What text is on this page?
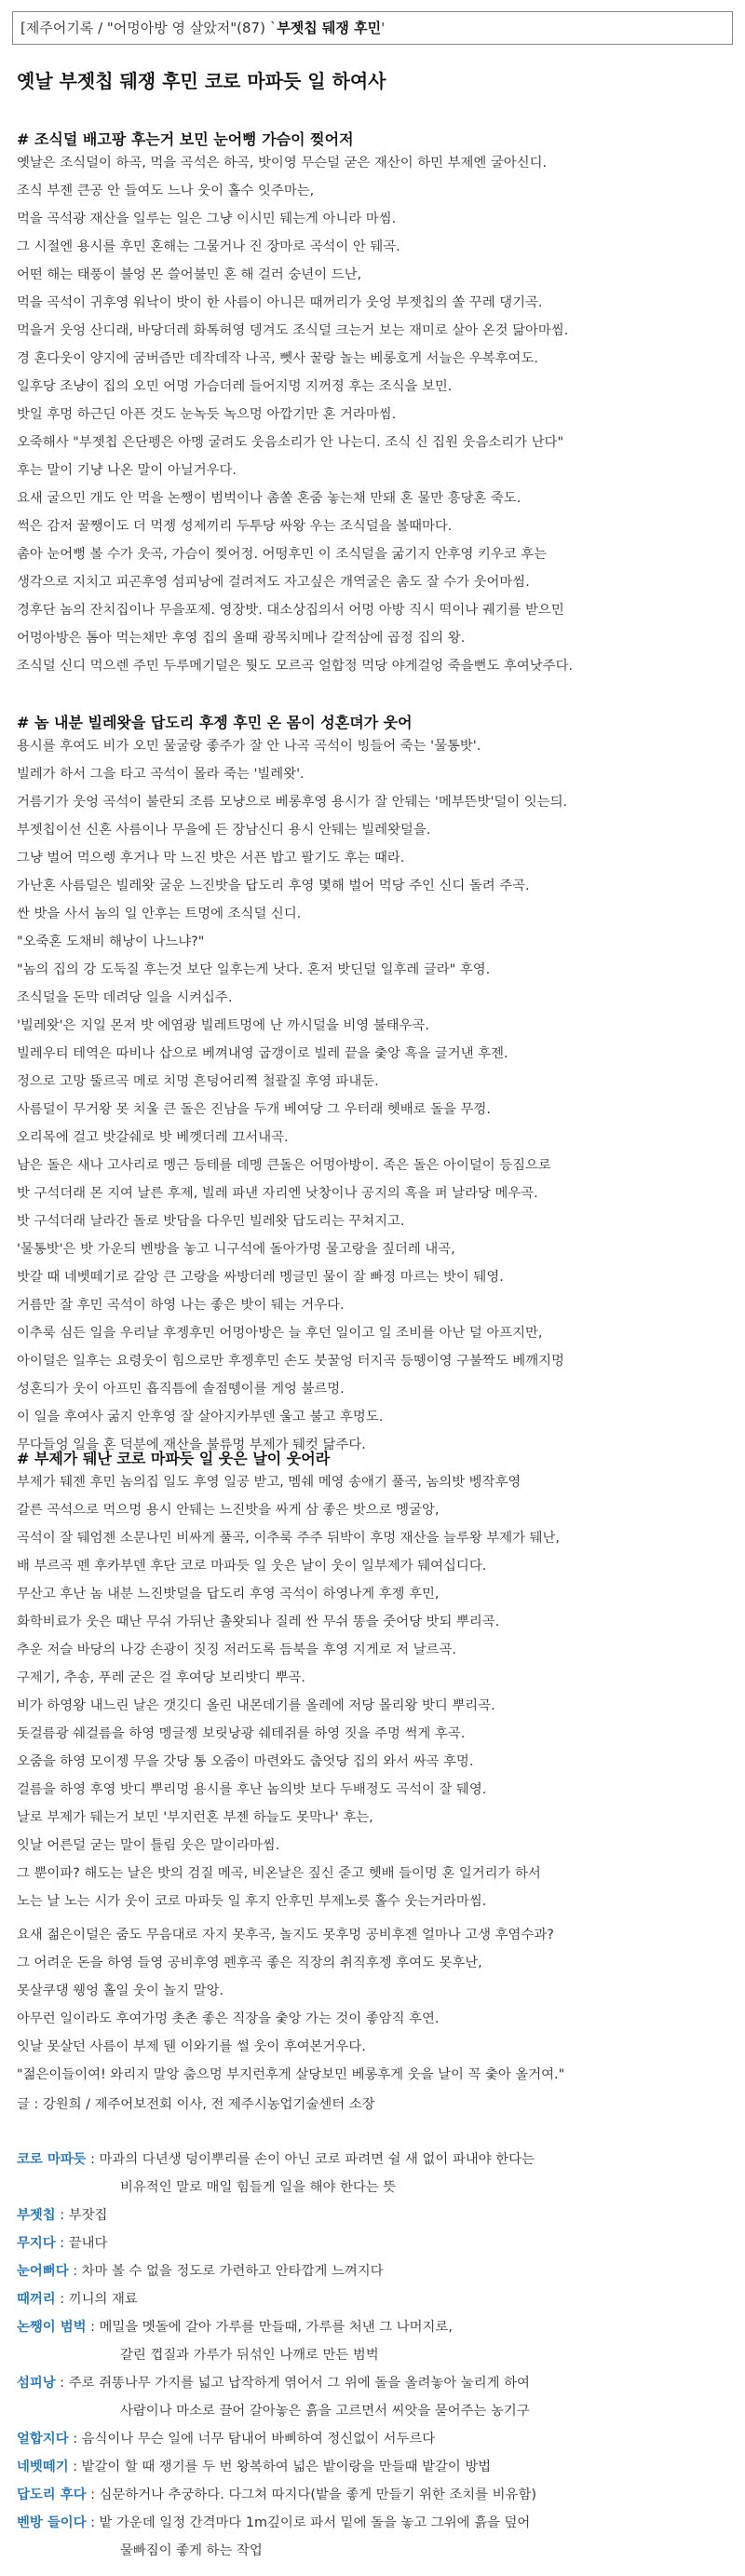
[제주어기록 / "어멍아방 영 살았저"(87) `부젯칩 뒈쟁 후민'
옛날 부젯칩 뒈쟁 후민 코로 마파듯 일 하여사
# 조식덜 배고팡 후는거 보민 눈어뻥 가슴이 찢어저
옛날은 조식덜이 하곡, 먹을 곡석은 하곡, 밧이영 무슨덜 굳은 재산이 하민 부제엔 굴아신디.
조식 부젠 큰공 안 들여도 느나 웃이 홀수 잇주마는,
먹을 곡석광 재산을 일루는 일은 그냥 이시민 뒈는게 아니라 마씸.
그 시절엔 용시를 후민 혼해는 그물거나 진 장마로 곡석이 안 뒈곡.
어떤 해는 태풍이 불엉 몬 쓸어불민 혼 해 걸러 숭년이 드난,
먹을 곡석이 귀후영 워낙이 밧이 한 사름이 아니믄 때꺼리가 웃엉 부젯칩의 쏠 꾸레 댕기곡.
먹을거 웃엉 산디래, 바당더레 화톡허영 뎅겨도 조식덜 크는거 보는 재미로 살아 온것 닮아마씸.
경 혼다웃이 양지에 굼버즘만 데작데작 나곡, 뻿사 꿀랑 놀는 베롱호게 서늘은 우복후여도.
일후당 조냥이 집의 오민 어멍 가슴더레 들어지멍 지꺼졍 후는 조식을 보민.
밧일 후멍 하근딘 아픈 것도 눈녹듯 녹으멍 아깝기만 혼 거라마씸.
오죽해사 "부젯칩 은단펭은 아멩 굴려도 웃음소리가 안 나는디. 조식 신 집원 웃음소리가 난다"
후는 말이 기냥 나온 말이 아닐거우다.
요새 굴으민 개도 안 먹을 논쨍이 범벅이나 촘쏠 혼줌 놓는채 만돼 혼 물만 흥당혼 죽도.
썩은 감저 꿀쨍이도 더 먹젱 성제끼리 두투당 싸왕 우는 조식덜을 볼때마다.
촘아 눈어뻥 볼 수가 웃곡, 가슴이 찢어정. 어떵후민 이 조식덜을 굶기지 안후영 키우코 후는
생각으로 지치고 피곤후영 섬피낭에 걸려져도 자고싶은 개역굴은 촘도 잘 수가 웃어마씸.
경후단 놈의 잔치집이나 무을포제. 영장밧. 대소상집의서 어멍 아방 직시 떡이나 궤기를 받으민
어멍아방은 톰아 먹는채만 후영 집의 올때 광목치메나 갈적삼에 곱정 집의 왕.
조식덜 신디 먹으렌 주민 두루메기덜은 뭣도 모르곡 얼합정 먹당 야게걸엉 죽을뻔도 후여낫주다.
# 놈 내분 빌레왓을 답도리 후젱 후민 온 몸이 성혼뎌가 웃어
용시를 후여도 비가 오민 물굴랑 좋주가 잘 안 나곡 곡석이 빙들어 죽는 '물통밧'.
빌레가 하서 그을 타고 곡석이 몰라 죽는 '빌레왓'.
거름기가 웃엉 곡석이 불란되 조름 모냥으로 베롱후영 용시가 잘 안뒈는 '메부뜬밧'덜이 잇는듸.
부젯칩이선 신혼 사름이나 무을에 든 장남신디 용시 안뒈는 빌레왓덜을.
그냥 벌어 먹으렝 후거나 막 느진 밧은 서픈 밥고 팔기도 후는 때라.
가난혼 사름덜은 빌레왓 굴운 느진밧을 답도리 후영 몇해 벌어 먹당 주인 신디 돌려 주곡.
싼 밧을 사서 놈의 일 안후는 트멍에 조식덜 신디.
"오죽혼 도채비 해낭이 나느냐?"
"놈의 집의 강 도둑질 후는것 보단 일후는게 낫다. 혼저 밧딘덜 일후레 글라" 후영.
조식덜을 돈막 데려당 일을 시켜십주.
'빌레왓'은 지일 몬저 밧 에염광 빌레트멍에 난 까시덜을 비영 불태우곡.
빌레우티 테역은 따비나 삽으로 베껴내영 굽갱이로 빌레 끝을 춫앙 흑을 글거낸 후젠.
정으로 고망 뚤르곡 메로 치멍 흔덩어리쪅 철괄질 후영 파내둔.
사름덜이 무거왕 못 치울 큰 돌은 진남을 두개 베여당 그 우터래 헷배로 돌을 무껑.
오리목에 걸고 밧갈쉐로 밧 베껫더레 끄서내곡.
남은 돌은 새나 고사리로 멩근 등테를 데멩 큰돌은 어멍아방이. 족은 돌은 아이덜이 등짐으로
밧 구석더래 몬 지여 날른 후제, 빌레 파낸 자리엔 낫창이나 공지의 흑을 퍼 날라당 메우곡.
밧 구석더래 날라간 돌로 밧담을 다우민 빌레왓 답도리는 꾸쳐지고.
'물통밧'은 밧 가운듸 벤방을 놓고 니구석에 돌아가멍 물고랑을 짚더레 내곡,
밧갈 때 네벳떼기로 갈앙 큰 고랑을 싸방더레 멩글민 물이 잘 빠졍 마르는 밧이 뒈영.
거름만 잘 후민 곡석이 하영 나는 좋은 밧이 뒈는 거우다.
이추룩 심든 일을 우리날 후젱후민 어멍아방은 늘 후던 일이고 일 조비를 아난 덜 아프지만,
아이덜은 일후는 요령웃이 힘으로만 후젱후민 손도 붓꿀엉 터지곡 등뗑이영 구불짝도 베깨지멍
성혼듸가 웃이 아프민 흡직틈에 솔점뗑이를 게엉 불르멍.
이 일을 후여사 굶지 안후영 잘 살아지카부덴 울고 불고 후멍도.
무다들엉 일을 혼 덕분에 재산을 불류멍 부제가 뒈컷 닮주다.
# 부제가 뒈난 코로 마파듯 일 웃은 날이 웃어라
부제가 뒈젠 후민 놈의집 일도 후영 일공 받고, 멤쉐 메영 송애기 풀곡, 놈의밧 벵작후영
갈른 곡석으로 먹으멍 용시 안뒈는 느진밧을 싸게 삼 좋은 밧으로 멩굴앙,
곡석이 잘 뒈엄젠 소문나민 비싸게 풀곡, 이추룩 주주 뒤박이 후멍 재산을 늘루왕 부제가 뒈난,
배 부르곡 펜 후카부덴 후단 코로 마파듯 일 웃은 날이 웃이 일부제가 뒈여십디다.
무산고 후난 놈 내분 느진밧덜을 답도리 후영 곡석이 하영나게 후젱 후민,
화학비료가 웃은 때난 무쉬 가뒤난 촐왓되나 질레 싼 무쉬 똥을 줏어당 밧되 뿌리곡.
추운 저슬 바당의 나강 손광이 짓징 저러도록 듬북을 후영 지게로 저 날르곡.
구제기, 추송, 푸레 굳은 걸 후여당 보리밧디 뿌곡.
비가 하영왕 내느린 날은 갯깃디 올린 내몬데기를 올레에 저당 몰리왕 밧디 뿌리곡.
돗걸름광 쉐걸름을 하영 멩글젱 보릿낭광 쉐테쥐를 하영 짓을 주멍 썩게 후곡.
오줌을 하영 모이젱 무을 갓당 통 오줌이 마련와도 춥엇당 집의 와서 싸곡 후멍.
걸름을 하영 후영 밧디 뿌리멍 용시를 후난 놈의밧 보다 두배정도 곡석이 잘 뒈영.
날로 부제가 뒈는거 보민 '부지런혼 부젠 하늘도 못막나' 후는,
잇날 어른덜 굳는 말이 틀림 웃은 말이라마씸.
그 뿐이파? 해도는 날은 밧의 검질 메곡, 비온날은 짚신 줃고 헷배 들이멍 혼 일거리가 하서
노는 날 노는 시가 웃이 코로 마파듯 일 후지 안후민 부제노릇 홀수 웃는거라마씸.
요새 젊은이덜은 줌도 무음대로 자지 못후곡, 놀지도 못후멍 공비후젠 얼마나 고생 후염수과?
그 어려운 돈을 하영 들영 공비후영 펜후곡 좋은 직장의 취직후젱 후여도 못후난,
못살쿠댕 웽엉 홀일 웃이 놀지 말앙.
아무런 일이라도 후여가멍 촛촌 좋은 직장을 춫앙 가는 것이 좋암직 후연.
잇날 못살던 사름이 부제 뒌 이와기를 썰 웃이 후여본거우다.
"젊은이들이여! 와리지 말앙 춤으멍 부지런후게 살당보민 베롱후게 웃을 날이 꼭 춫아 올거여."
글 : 강원희 / 제주어보전회 이사, 전 제주시농업기술센터 소장
코로 마파듯 : 마과의 다년생 덩이뿌리를 손이 아닌 코로 파려면 쉴 새 없이 파내야 한다는
비유적인 말로 매일 힘들게 일을 해야 한다는 뜻
부젯칩 : 부잣집
무지다 : 끝내다
눈어뻐다 : 차마 볼 수 없을 정도로 가련하고 안타깝게 느껴지다
때꺼리 : 끼니의 재료
논쨍이 범벅 : 메밀을 멧돌에 갈아 가루를 만들때, 가루를 처낸 그 나머지로,
갈린 껍질과 가루가 뒤섞인 나깨로 만든 범벅
섬피낭 : 주로 쥐똥나무 가지를 넓고 납작하게 엮어서 그 위에 돌을 올려놓아 눌리게 하여
사람이나 마소로 끌어 갈아놓은 흙을 고르면서 씨앗을 묻어주는 농기구
얼합지다 : 음식이나 무슨 일에 너무 탐내어 바삐하여 정신없이 서두르다
네벳떼기 : 밭갈이 할 때 쟁기를 두 번 왕복하여 넓은 밭이랑을 만들때 밭갈이 방법
답도리 후다 : 심문하거나 추궁하다. 다그쳐 따지다(밭을 좋게 만들기 위한 조치를 비유함)
벤방 들이다 : 밭 가운데 일정 간격마다 1m깊이로 파서 밑에 돌을 놓고 그위에 흙을 덮어
물빠짐이 좋게 하는 작업
